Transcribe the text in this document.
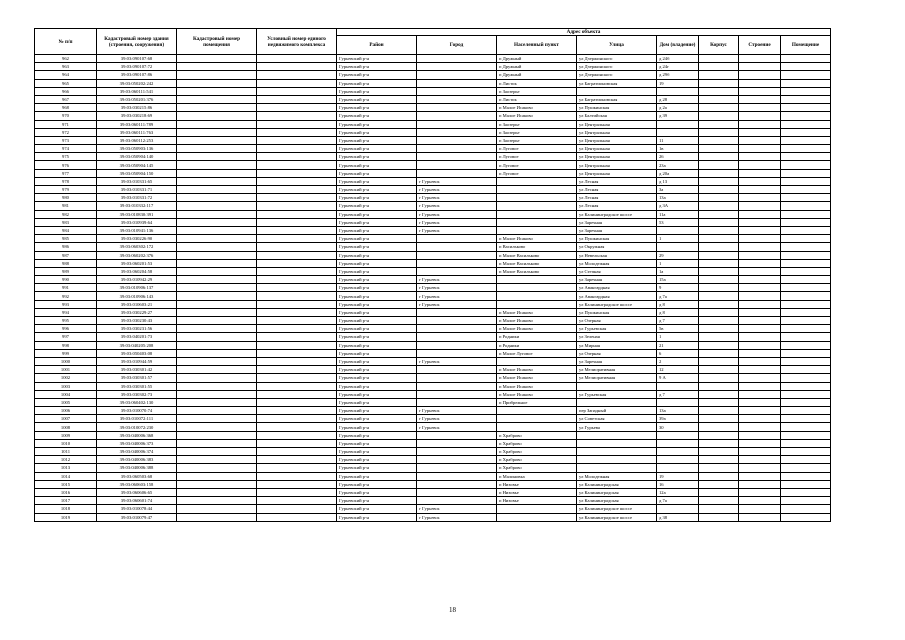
№ п/п	Кадастровый номер здания (строения, сооружения)	Кадастровый номер помещения	Условный номер единого недвижимого комплекса	Адрес объекта							
				Район	Город	Населенный пункт	Улица	Дом (владение)	Корпус	Строение	Помещение
962	39:03:090107:68			Гурьевский р-н		п Дружный	ул Дзержинского	д 24б			
963	39:03:090107:72			Гурьевский р-н		п Дружный	ул Дзержинского	д 24г			
964	39:03:090107:86			Гурьевский р-н		п Дружный	ул Дзержинского	д 29б			
965	39:03:050202:242			Гурьевский р-н		п Листок	ул Багратионовская	19			
966	39:03:060111:541			Гурьевский р-н		п Заозерье					
967	39:03:050201:376			Гурьевский р-н		п Листок	ул Багратионовская	д 28			
968	39:03:030215:86			Гурьевский р-н		п Малое Исаково	ул Пушкинская	д 2а			
970	39:03:030218:69			Гурьевский р-н		п Малое Исаково	ул Балтийская	д 39			
971	39:03:060111:789			Гурьевский р-н		п Заозерье	ул Центральная				
972	39:03:060111:763			Гурьевский р-н		п Заозерье	ул Центральная				
973	39:03:060112:253			Гурьевский р-н		п Заозерье	ул Центральная	11			
974	39:03:050903:136			Гурьевский р-н		п Луговое	ул Центральная	1в			
975	39:03:050904:140			Гурьевский р-н		п Луговое	ул Центральная	26			
976	39:03:050904:145			Гурьевский р-н		п Луговое	ул Центральная	23а			
977	39:03:050904:150			Гурьевский р-н		п Луговое	ул Центральная	д 20а			
978	39:03:010331:65			Гурьевский р-н	г Гурьевск		ул Лесная	д 13			
979	39:03:010331:71			Гурьевский р-н	г Гурьевск		ул Лесная	3а			
980	39:03:010331:72			Гурьевский р-н	г Гурьевск		ул Лесная	13а			
981	39:03:010332:117			Гурьевский р-н	г Гурьевск		ул Лесная	д 3А			
982	39:03:010830:391			Гурьевский р-н	г Гурьевск		ул Калининградское шоссе	11а			
983	39:03:010939:64			Гурьевский р-н	г Гурьевск		ул Заречная	53			
984	39:03:010941:136			Гурьевский р-н	г Гурьевск		ул Заречная				
985	39:03:030226:90			Гурьевский р-н		п Малое Исаково	ул Пушкинская	1			
986	39:03:060302:172			Гурьевский р-н		п Васильково	ул Окружная				
987	39:03:060202:376			Гурьевский р-н		п Малое Васильково	ул Невельская	29			
988	39:03:060201:53			Гурьевский р-н		п Малое Васильково	ул Молодежная	1			
989	39:03:060204:58			Гурьевский р-н		п Малое Васильково	ул Степная	1а			
990	39:03:010942:29			Гурьевский р-н	г Гурьевск		ул Заречная	15а			
991	39:03:010906:137			Гурьевский р-н	г Гурьевск		ул Авангардная	9			
992	39:03:010906:143			Гурьевский р-н	г Гурьевск		ул Авангардная	д 7а			
993	39:03:010603:21			Гурьевский р-н	г Гурьевск		ул Калининградское шоссе	д 8			
994	39:03:030229:27			Гурьевский р-н		п Малое Исаково	ул Пушкинская	д 8			
995	39:03:030230:43			Гурьевский р-н		п Малое Исаково	ул Озерная	д 7			
996	39:03:030231:56			Гурьевский р-н		п Малое Исаково	ул Гурьевская	5в			
997	39:03:040201:73			Гурьевский р-н		п Родники	ул Зеленая	1			
998	39:03:040205:208			Гурьевский р-н		п Родники	ул Мирная	21			
999	39:03:050403:08			Гурьевский р-н		п Малое Луговое	ул Озерная	6			
1000	39:03:010944:59			Гурьевский р-н	г Гурьевск		ул Заречная	2			
1001	39:03:030301:42			Гурьевский р-н		п Малое Исаково	ул Мелиоративная	12			
1002	39:03:030301:57			Гурьевский р-н		п Малое Исаково	ул Мелиоративная	9 А			
1003	39:03:030301:55			Гурьевский р-н		п Малое Исаково					
1004	39:03:030302:73			Гурьевский р-н		п Малое Исаково	ул Гурьевская	д 7			
1005	39:03:060402:130			Гурьевский р-н		п Прибрежное					
1006	39:03:010070:74			Гурьевский р-н	г Гурьевск		пер Западный	13а			
1007	39:03:010072:111			Гурьевский р-н	г Гурьевск		ул Советская	39а			
1008	39:03:010072:230			Гурьевский р-н	г Гурьевск		ул Гурьева	30			
1009	39:03:040006:368			Гурьевский р-н		п Храброво					
1010	39:03:040006:373			Гурьевский р-н		п Храброво					
1011	39:03:040006:374			Гурьевский р-н		п Храброво					
1012	39:03:040006:383			Гурьевский р-н		п Храброво					
1013	39:03:040006:388			Гурьевский р-н		п Храброво					
1014	39:03:060503:68			Гурьевский р-н		п Малиновка	ул Молодежная	19			
1015	39:03:060603:158			Гурьевский р-н		п Низовье	ул Калининградская	16			
1016	39:03:060606:65			Гурьевский р-н		п Низовье	ул Калининградская	12а			
1017	39:03:060601:74			Гурьевский р-н		п Низовье	ул Калининградская	д 7а			
1018	39:03:010078:44			Гурьевский р-н	г Гурьевск		ул Калининградское шоссе				
1019	39:03:010079:47			Гурьевский р-н	г Гурьевск		ул Калининградское шоссе	д 38			
18
